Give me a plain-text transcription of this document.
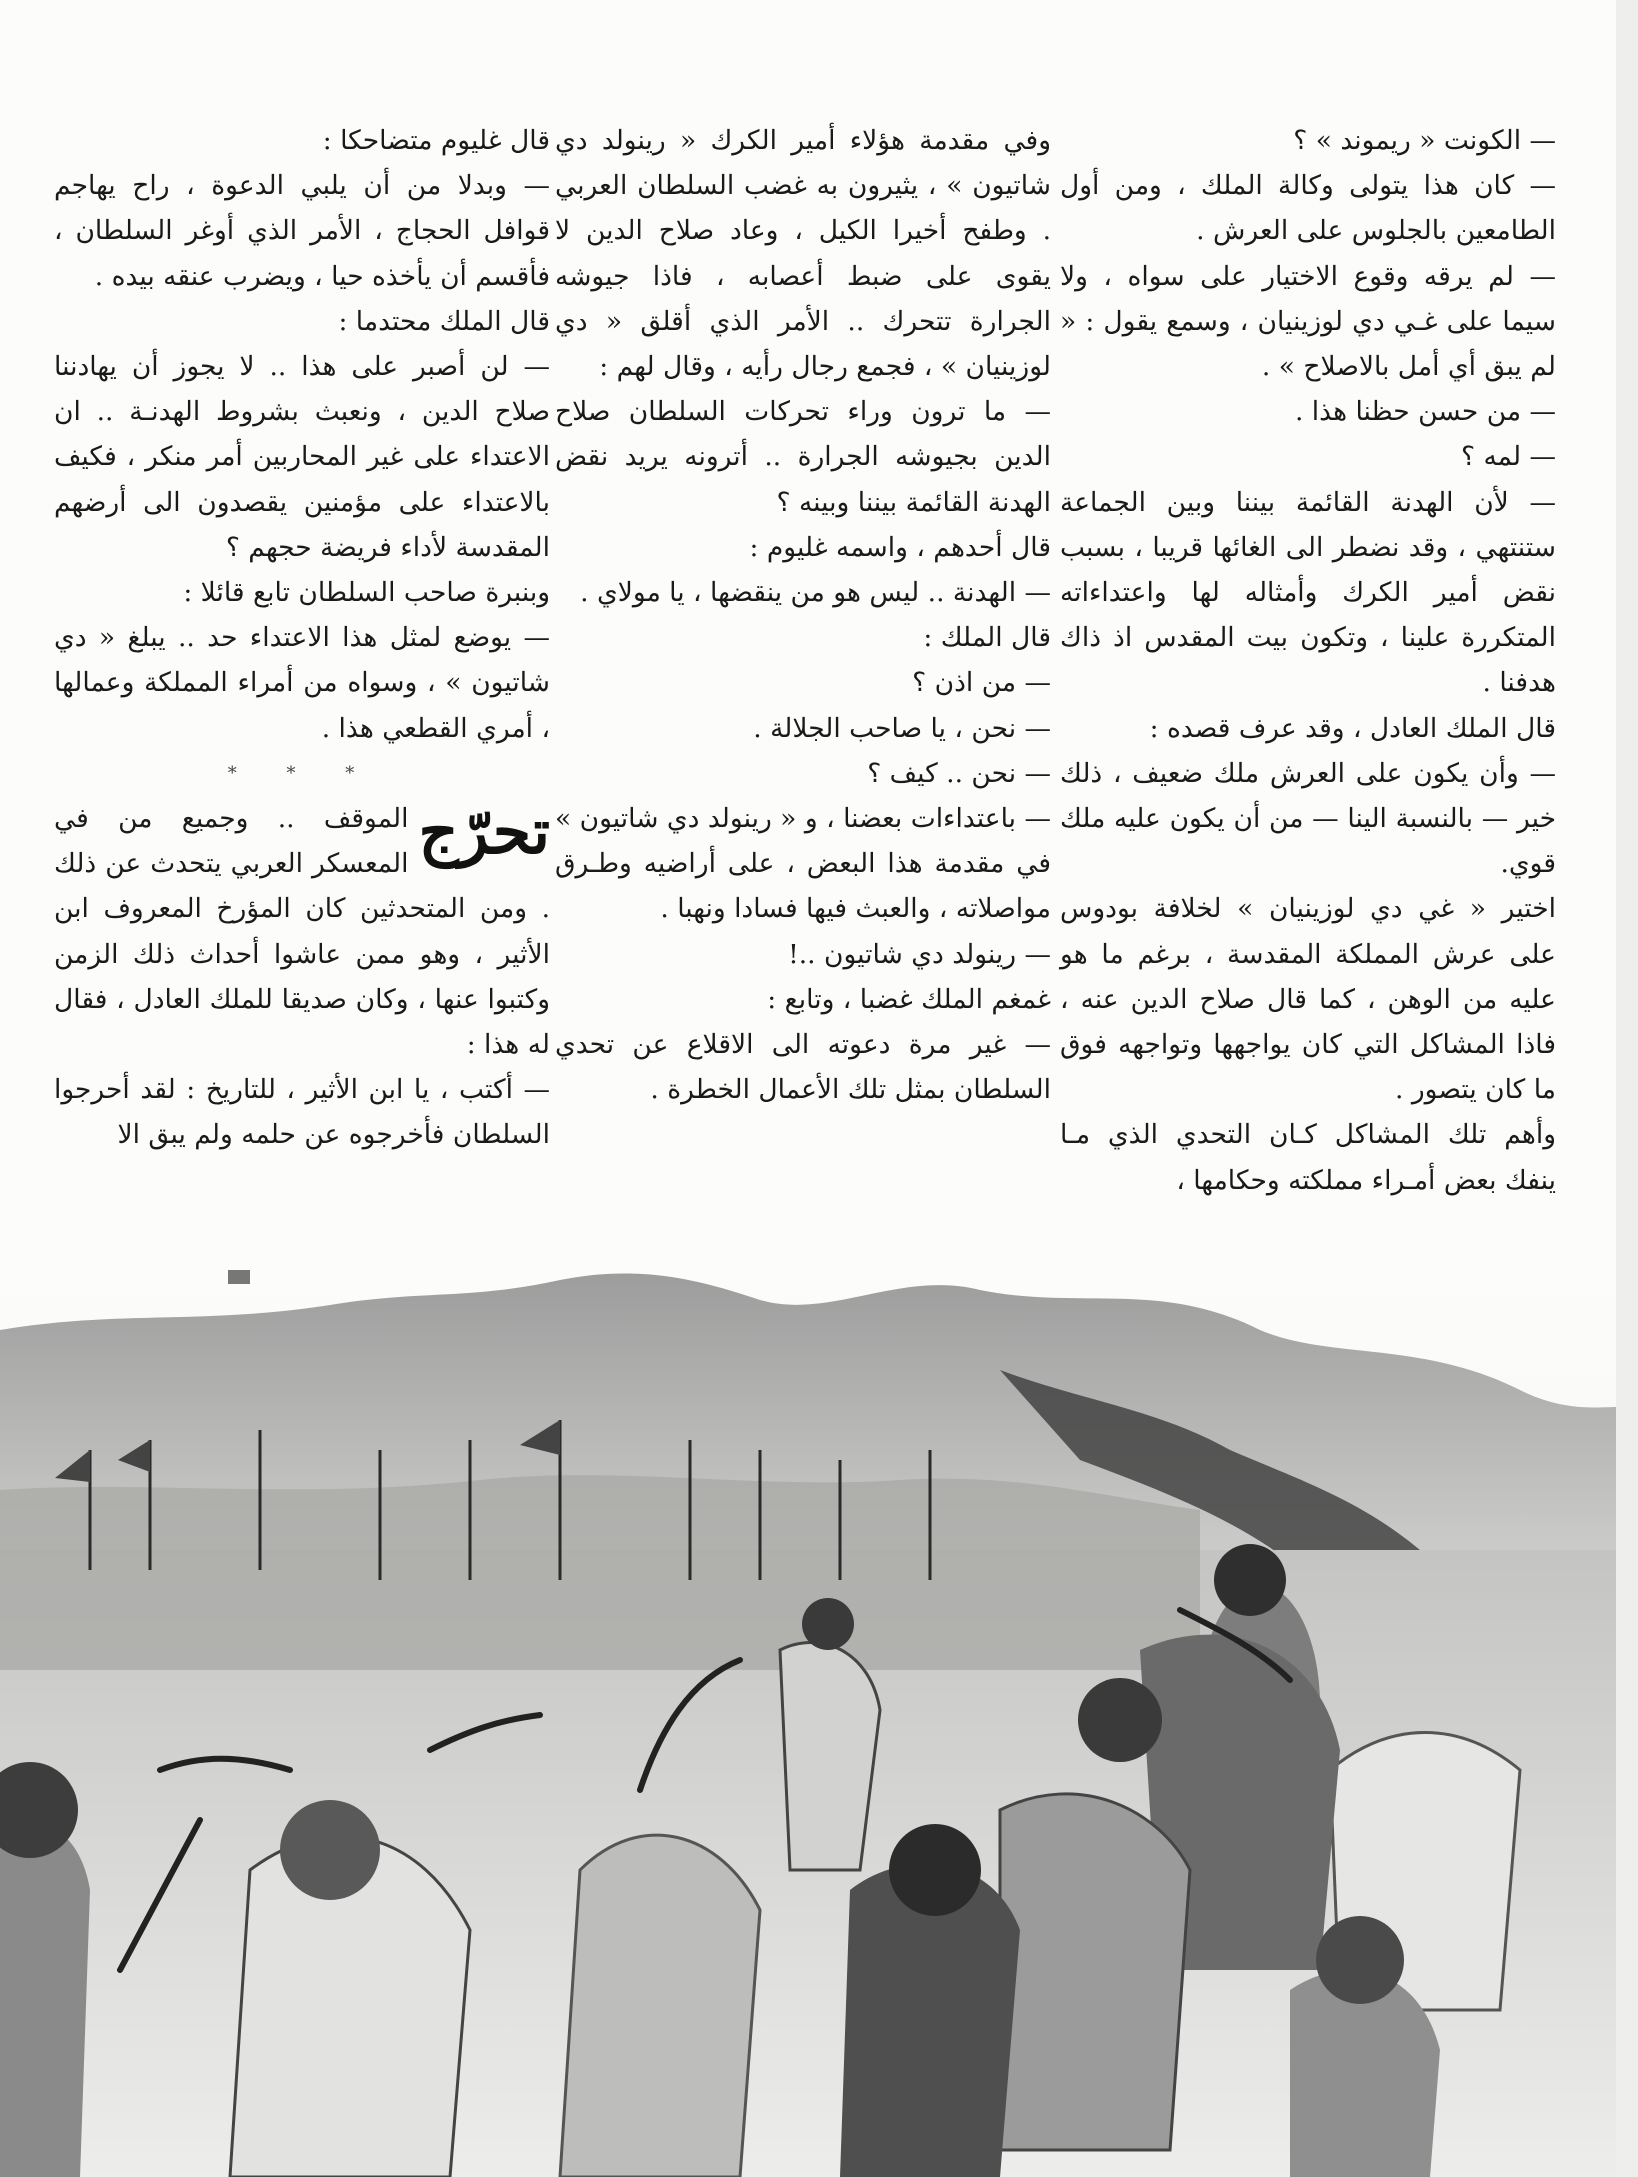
— الكونت « ريموند » ؟

— كان هذا يتولى وكالة الملك ، ومن أول الطامعين بالجلوس على العرش .

— لم يرقه وقوع الاختيار على سواه ، ولا سيما على غـي دي لوزينيان ، وسمع يقول : « لم يبق أي أمل بالاصلاح » .

— من حسن حظنا هذا .

— لمه ؟

— لأن الهدنة القائمة بيننا وبين الجماعة ستنتهي ، وقد نضطر الى الغائها قريبا ، بسبب نقض أمير الكرك وأمثاله لها واعتداءاته المتكررة علينا ، وتكون بيت المقدس اذ ذاك هدفنا .

قال الملك العادل ، وقد عرف قصده :

— وأن يكون على العرش ملك ضعيف ، ذلك خير — بالنسبة الينا — من أن يكون عليه ملك قوي.

اختير « غي دي لوزينيان » لخلافة بودوس على عرش المملكة المقدسة ، برغم ما هو عليه من الوهن ، كما قال صلاح الدين عنه ، فاذا المشاكل التي كان يواجهها وتواجهه فوق ما كان يتصور .

وأهم تلك المشاكل كـان التحدي الذي مـا ينفك بعض أمـراء مملكته وحكامها ،

وفي مقدمة هؤلاء أمير الكرك « رينولد دي شاتيون » ، يثيرون به غضب السلطان العربي . وطفح أخيرا الكيل ، وعاد صلاح الدين لا يقوى على ضبط أعصابه ، فاذا جيوشه الجرارة تتحرك .. الأمر الذي أقلق « دي لوزينيان » ، فجمع رجال رأيه ، وقال لهم :

— ما ترون وراء تحركات السلطان صلاح الدين بجيوشه الجرارة .. أترونه يريد نقض الهدنة القائمة بيننا وبينه ؟

قال أحدهم ، واسمه غليوم :

— الهدنة .. ليس هو من ينقضها ، يا مولاي .

قال الملك :

— من اذن ؟

— نحن ، يا صاحب الجلالة .

— نحن .. كيف ؟

— باعتداءات بعضنا ، و « رينولد دي شاتيون » في مقدمة هذا البعض ، على أراضيه وطـرق مواصلاته ، والعبث فيها فسادا ونهبا .

— رينولد دي شاتيون ..!

غمغم الملك غضبا ، وتابع :

— غير مرة دعوته الى الاقلاع عن تحدي السلطان بمثل تلك الأعمال الخطرة .

قال غليوم متضاحكا :

— وبدلا من أن يلبي الدعوة ، راح يهاجم قوافل الحجاج ، الأمر الذي أوغر السلطان ، فأقسم أن يأخذه حيا ، ويضرب عنقه بيده .

قال الملك محتدما :

— لن أصبر على هذا .. لا يجوز أن يهادننا صلاح الدين ، ونعبث بشروط الهدنـة .. ان الاعتداء على غير المحاربين أمر منكر ، فكيف بالاعتداء على مؤمنين يقصدون الى أرضهم المقدسة لأداء فريضة حجهم ؟

وبنبرة صاحب السلطان تابع قائلا :

— يوضع لمثل هذا الاعتداء حد .. يبلغ « دي شاتيون » ، وسواه من أمراء المملكة وعمالها ، أمري القطعي هذا .

* * *

تحرّج
الموقف .. وجميع من في المعسكر العربي يتحدث عن ذلك . ومن المتحدثين كان المؤرخ المعروف ابن الأثير ، وهو ممن عاشوا أحداث ذلك الزمن وكتبوا عنها ، وكان صديقا للملك العادل ، فقال له هذا :

— أكتب ، يا ابن الأثير ، للتاريخ : لقد أحرجوا السلطان فأخرجوه عن حلمه ولم يبق الا
